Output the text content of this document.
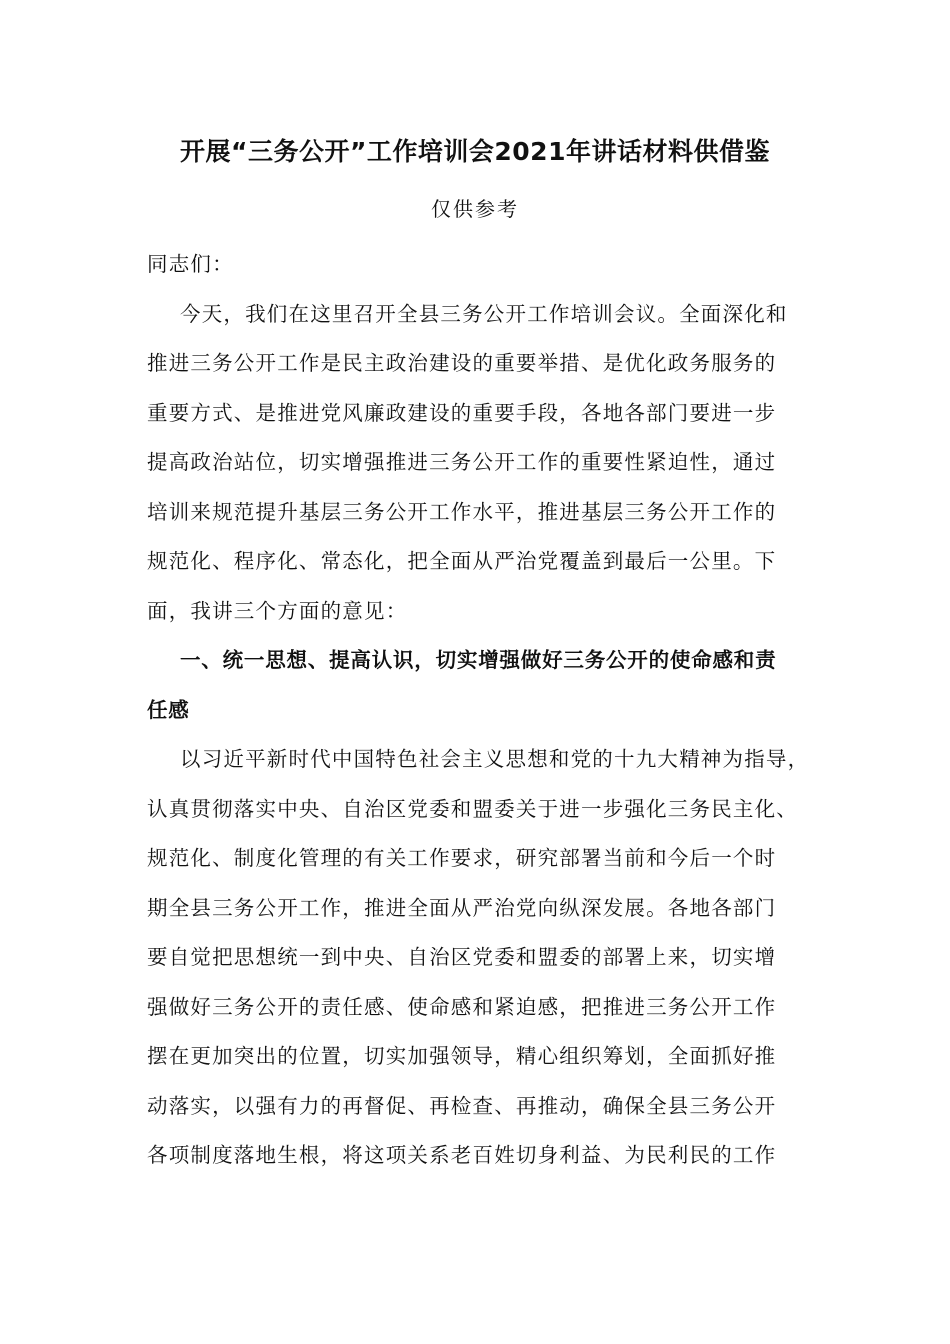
开展“三务公开”工作培训会2021年讲话材料供借鉴
仅供参考
同志们：
今天，我们在这里召开全县三务公开工作培训会议。全面深化和
推进三务公开工作是民主政治建设的重要举措、是优化政务服务的
重要方式、是推进党风廉政建设的重要手段，各地各部门要进一步
提高政治站位，切实增强推进三务公开工作的重要性紧迫性，通过
培训来规范提升基层三务公开工作水平，推进基层三务公开工作的
规范化、程序化、常态化，把全面从严治党覆盖到最后一公里。下
面，我讲三个方面的意见：
一、统一思想、提高认识，切实增强做好三务公开的使命感和责
任感
以习近平新时代中国特色社会主义思想和党的十九大精神为指导，
认真贯彻落实中央、自治区党委和盟委关于进一步强化三务民主化、
规范化、制度化管理的有关工作要求，研究部署当前和今后一个时
期全县三务公开工作，推进全面从严治党向纵深发展。各地各部门
要自觉把思想统一到中央、自治区党委和盟委的部署上来，切实增
强做好三务公开的责任感、使命感和紧迫感，把推进三务公开工作
摆在更加突出的位置，切实加强领导，精心组织筹划，全面抓好推
动落实，以强有力的再督促、再检查、再推动，确保全县三务公开
各项制度落地生根，将这项关系老百姓切身利益、为民利民的工作
